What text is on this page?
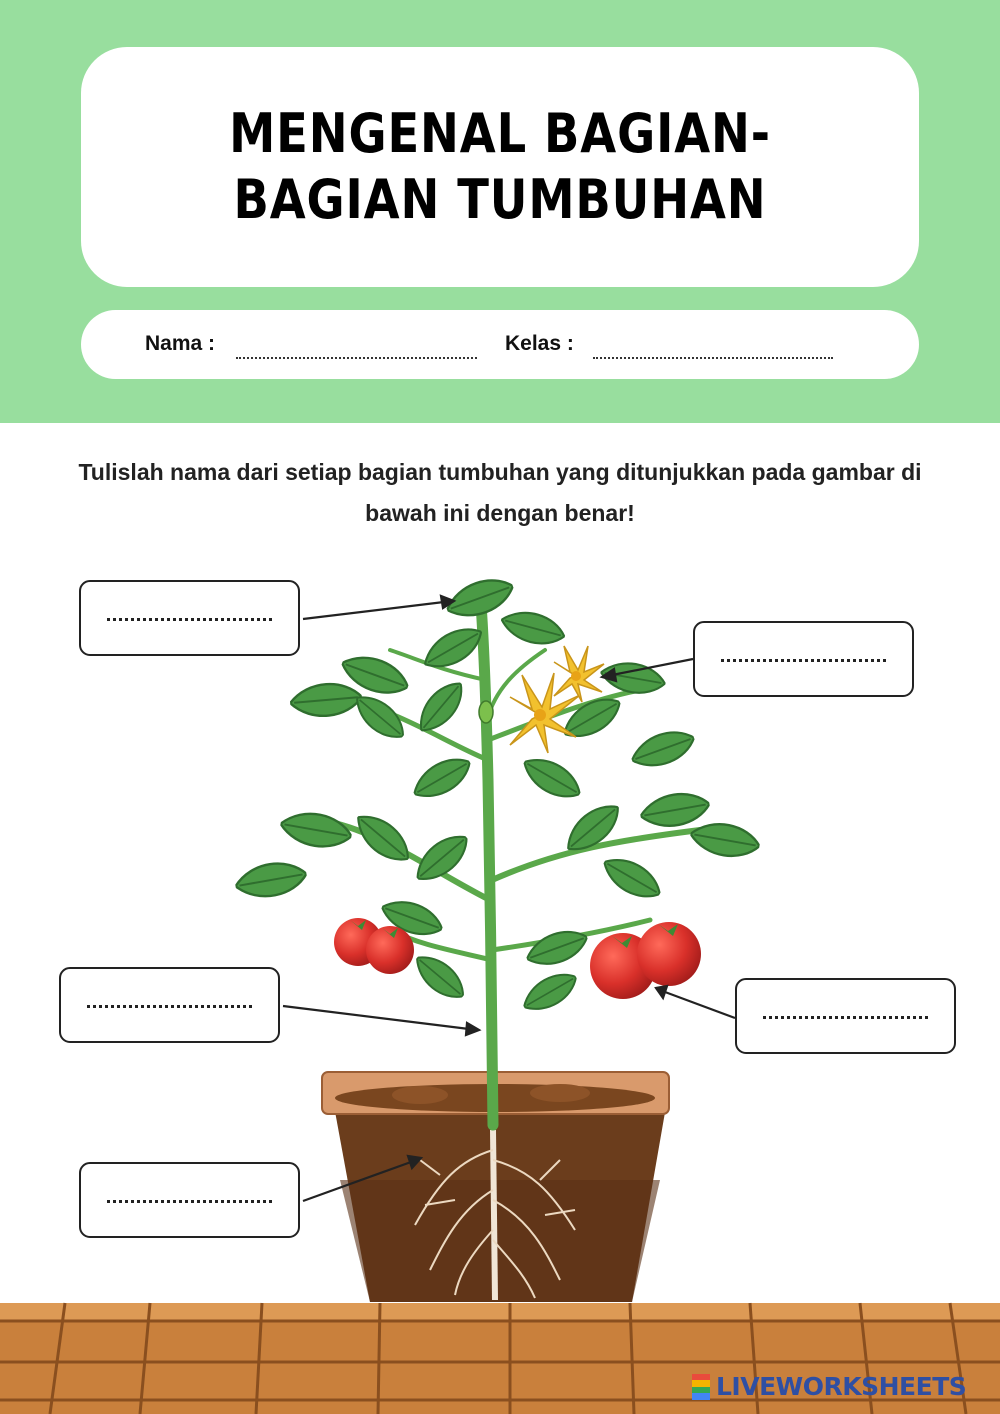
MENGENAL BAGIAN-BAGIAN TUMBUHAN
Nama :	Kelas :
Tulislah nama dari setiap bagian tumbuhan yang ditunjukkan pada gambar di bawah ini dengan benar!
LIVEWORKSHEETS
